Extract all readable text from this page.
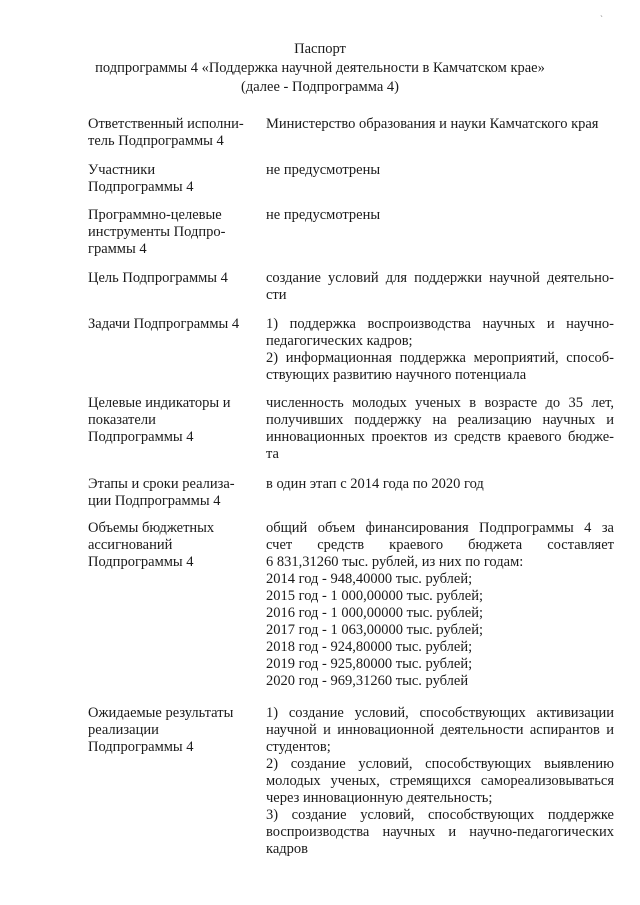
`
Паспорт
подпрограммы 4 «Поддержка научной деятельности в Камчатском крае»
(далее - Подпрограмма 4)
Ответственный исполни-
тель Подпрограммы 4
Министерство образования и науки Камчатского края
Участники
Подпрограммы 4
не предусмотрены
Программно-целевые
инструменты Подпро-
граммы 4
не предусмотрены
Цель Подпрограммы 4	создание условий для поддержки научной деятельно-
сти
Задачи Подпрограммы 4	1) поддержка воспроизводства научных и научно-
педагогических кадров;
2) информационная поддержка мероприятий, способ-
ствующих развитию научного потенциала
Целевые индикаторы и
показатели
Подпрограммы 4
численность молодых ученых в возрасте до 35 лет,
получивших поддержку на реализацию научных и
инновационных проектов из средств краевого бюдже-
та
Этапы и сроки реализа-
ции Подпрограммы 4
в один этап с 2014 года по 2020 год
Объемы бюджетных
ассигнований
Подпрограммы 4
общий объем финансирования Подпрограммы 4 за
счет средств краевого бюджета составляет
6 831,31260 тыс. рублей, из них по годам:
2014 год - 948,40000 тыс. рублей;
2015 год - 1 000,00000 тыс. рублей;
2016 год - 1 000,00000 тыс. рублей;
2017 год - 1 063,00000 тыс. рублей;
2018 год - 924,80000 тыс. рублей;
2019 год - 925,80000 тыс. рублей;
2020 год - 969,31260 тыс. рублей
Ожидаемые результаты
реализации
Подпрограммы 4
1) создание условий, способствующих активизации
научной и инновационной деятельности аспирантов и
студентов;
2) создание условий, способствующих выявлению
молодых ученых, стремящихся самореализовываться
через инновационную деятельность;
3) создание условий, способствующих поддержке
воспроизводства научных и научно-педагогических
кадров
